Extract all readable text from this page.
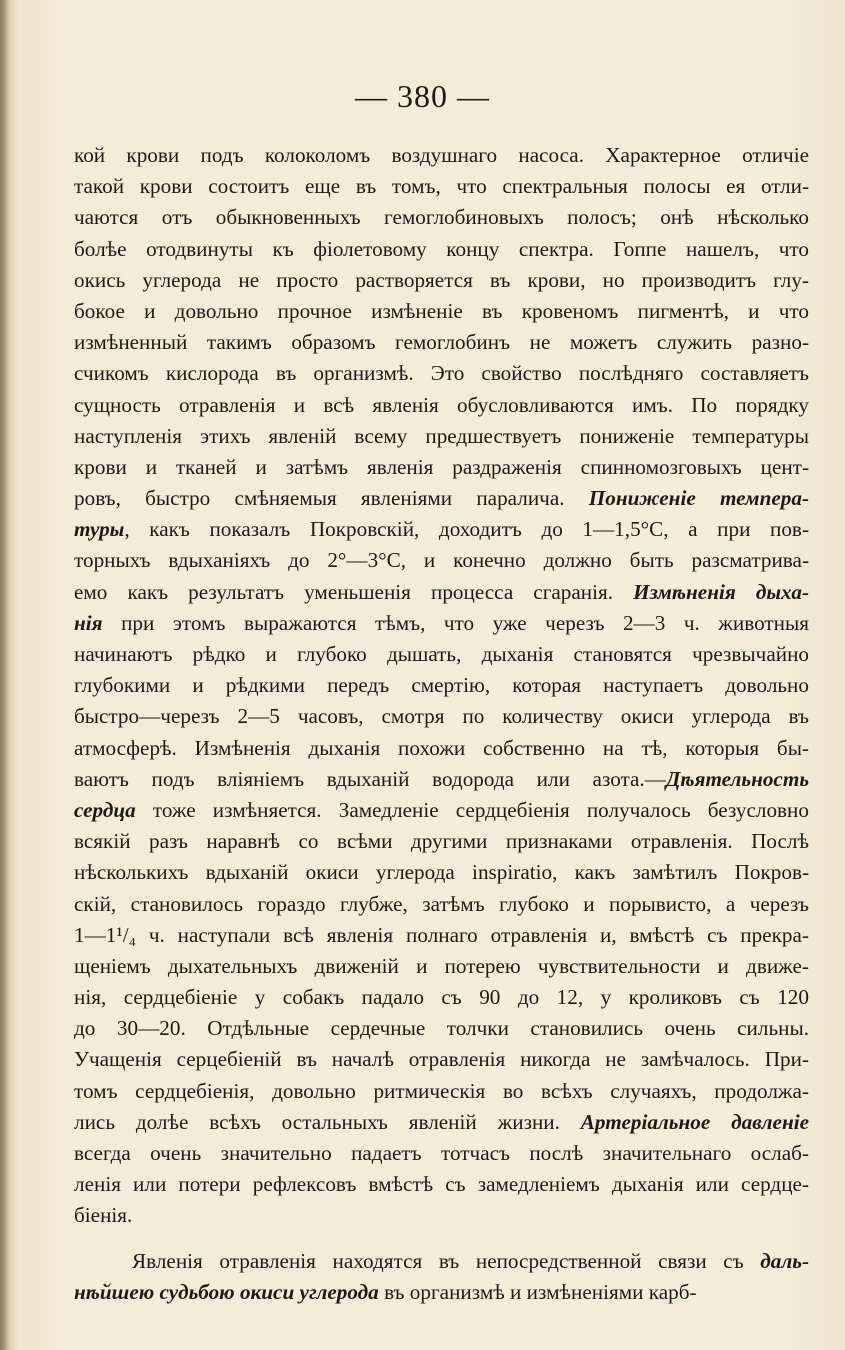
— 380 —
кой крови подъ колоколомъ воздушнаго насоса. Характерное отличіе
такой крови состоитъ еще въ томъ, что спектральныя полосы ея отли-
чаются отъ обыкновенныхъ гемоглобиновыхъ полосъ; онѣ нѣсколько
болѣе отодвинуты къ фіолетовому концу спектра. Гоппе нашелъ, что
окись углерода не просто растворяется въ крови, но производитъ глу-
бокое и довольно прочное измѣненіе въ кровеномъ пигментѣ, и что
измѣненный такимъ образомъ гемоглобинъ не можетъ служить разно-
счикомъ кислорода въ организмѣ. Это свойство послѣдняго составляетъ
сущность отравленія и всѣ явленія обусловливаются имъ. По порядку
наступленія этихъ явленій всему предшествуетъ пониженіе температуры
крови и тканей и затѣмъ явленія раздраженія спинномозговыхъ цент-
ровъ, быстро смѣняемыя явленіями паралича. Пониженіе темпера-
туры, какъ показалъ Покровскій, доходитъ до 1—1,5°C, а при пов-
торныхъ вдыханіяхъ до 2°—3°C, и конечно должно быть разсматрива-
емо какъ результатъ уменьшенія процесса сгаранія. Измѣненія дыха-
нія при этомъ выражаются тѣмъ, что уже черезъ 2—3 ч. животныя
начинаютъ рѣдко и глубоко дышать, дыханія становятся чрезвычайно
глубокими и рѣдкими передъ смертію, которая наступаетъ довольно
быстро—черезъ 2—5 часовъ, смотря по количеству окиси углерода въ
атмосферѣ. Измѣненія дыханія похожи собственно на тѣ, которыя бы-
ваютъ подъ вліяніемъ вдыханій водорода или азота.—Дѣятельность
сердца тоже измѣняется. Замедленіе сердцебіенія получалось безусловно
всякій разъ наравнѣ со всѣми другими признаками отравленія. Послѣ
нѣсколькихъ вдыханій окиси углерода inspiratio, какъ замѣтилъ Покров-
скій, становилось гораздо глубже, затѣмъ глубоко и порывисто, а черезъ
1—1¹/₄ ч. наступали всѣ явленія полнаго отравленія и, вмѣстѣ съ прекра-
щеніемъ дыхательныхъ движеній и потерею чувствительности и движе-
нія, сердцебіеніе у собакъ падало съ 90 до 12, у кроликовъ съ 120
до 30—20. Отдѣльные сердечные толчки становились очень сильны.
Учащенія серцебіеній въ началѣ отравленія никогда не замѣчалось. При-
томъ сердцебіенія, довольно ритмическія во всѣхъ случаяхъ, продолжа-
лись долѣе всѣхъ остальныхъ явленій жизни. Артеріальное давленіе
всегда очень значительно падаетъ тотчасъ послѣ значительнаго ослаб-
ленія или потери рефлексовъ вмѣстѣ съ замедленіемъ дыханія или сердце-
біенія.
Явленія отравленія находятся въ непосредственной связи съ даль-
нѣйшею судьбою окиси углерода въ организмѣ и измѣненіями карб-
